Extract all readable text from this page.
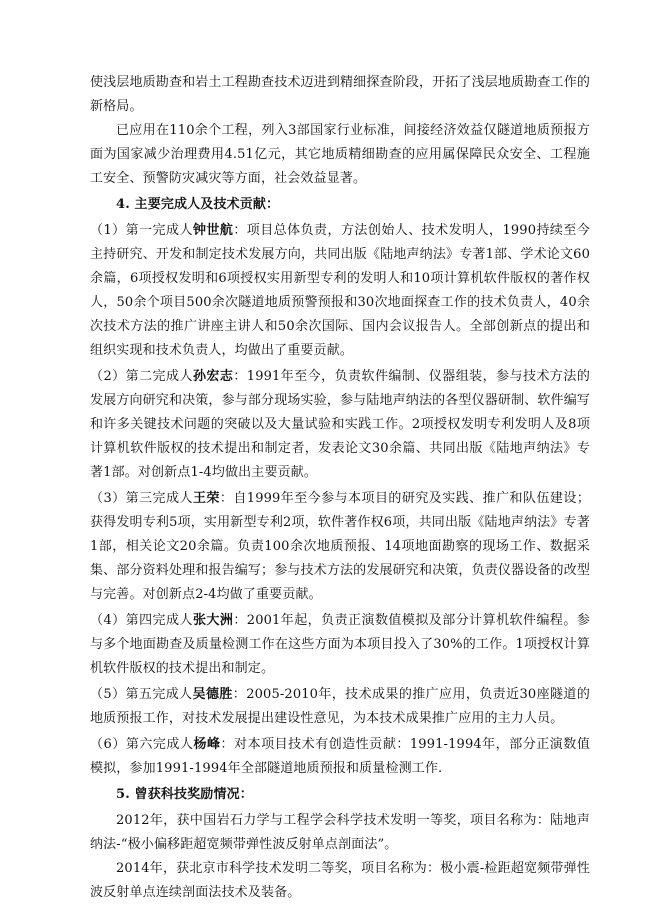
使浅层地质勘查和岩土工程勘查技术迈进到精细探查阶段，开拓了浅层地质勘查工作的新格局。

已应用在110余个工程，列入3部国家行业标准，间接经济效益仅隧道地质预报方面为国家减少治理费用4.51亿元，其它地质精细勘查的应用属保障民众安全、工程施工安全、预警防灾减灾等方面，社会效益显著。

4. 主要完成人及技术贡献：

（1）第一完成人钟世航：项目总体负责，方法创始人、技术发明人，1990持续至今主持研究、开发和制定技术发展方向，共同出版《陆地声纳法》专著1部、学术论文60余篇，6项授权发明和6项授权实用新型专利的发明人和10项计算机软件版权的著作权人，50余个项目500余次隧道地质预警预报和30次地面探查工作的技术负责人，40余次技术方法的推广讲座主讲人和50余次国际、国内会议报告人。全部创新点的提出和组织实现和技术负责人，均做出了重要贡献。

（2）第二完成人孙宏志：1991年至今，负责软件编制、仪器组装，参与技术方法的发展方向研究和决策，参与部分现场实验，参与陆地声纳法的各型仪器研制、软件编写和许多关键技术问题的突破以及大量试验和实践工作。2项授权发明专利发明人及8项计算机软件版权的技术提出和制定者，发表论文30余篇、共同出版《陆地声纳法》专著1部。对创新点1-4均做出主要贡献。

（3）第三完成人王荣：自1999年至今参与本项目的研究及实践、推广和队伍建设；获得发明专利5项，实用新型专利2项，软件著作权6项，共同出版《陆地声纳法》专著1部，相关论文20余篇。负责100余次地质预报、14项地面勘察的现场工作、数据采集、部分资料处理和报告编写；参与技术方法的发展研究和决策，负责仪器设备的改型与完善。对创新点2-4均做了重要贡献。

（4）第四完成人张大洲：2001年起，负责正演数值模拟及部分计算机软件编程。参与多个地面勘查及质量检测工作在这些方面为本项目投入了30%的工作。1项授权计算机软件版权的技术提出和制定。

（5）第五完成人吴德胜：2005-2010年，技术成果的推广应用，负责近30座隧道的地质预报工作，对技术发展提出建设性意见，为本技术成果推广应用的主力人员。

（6）第六完成人杨峰：对本项目技术有创造性贡献：1991-1994年，部分正演数值模拟，参加1991-1994年全部隧道地质预报和质量检测工作.

5. 曾获科技奖励情况：

2012年，获中国岩石力学与工程学会科学技术发明一等奖，项目名称为：陆地声纳法-“极小偏移距超宽频带弹性波反射单点剖面法”。

2014年，获北京市科学技术发明二等奖，项目名称为：极小震-检距超宽频带弹性波反射单点连续剖面法技术及装备。
